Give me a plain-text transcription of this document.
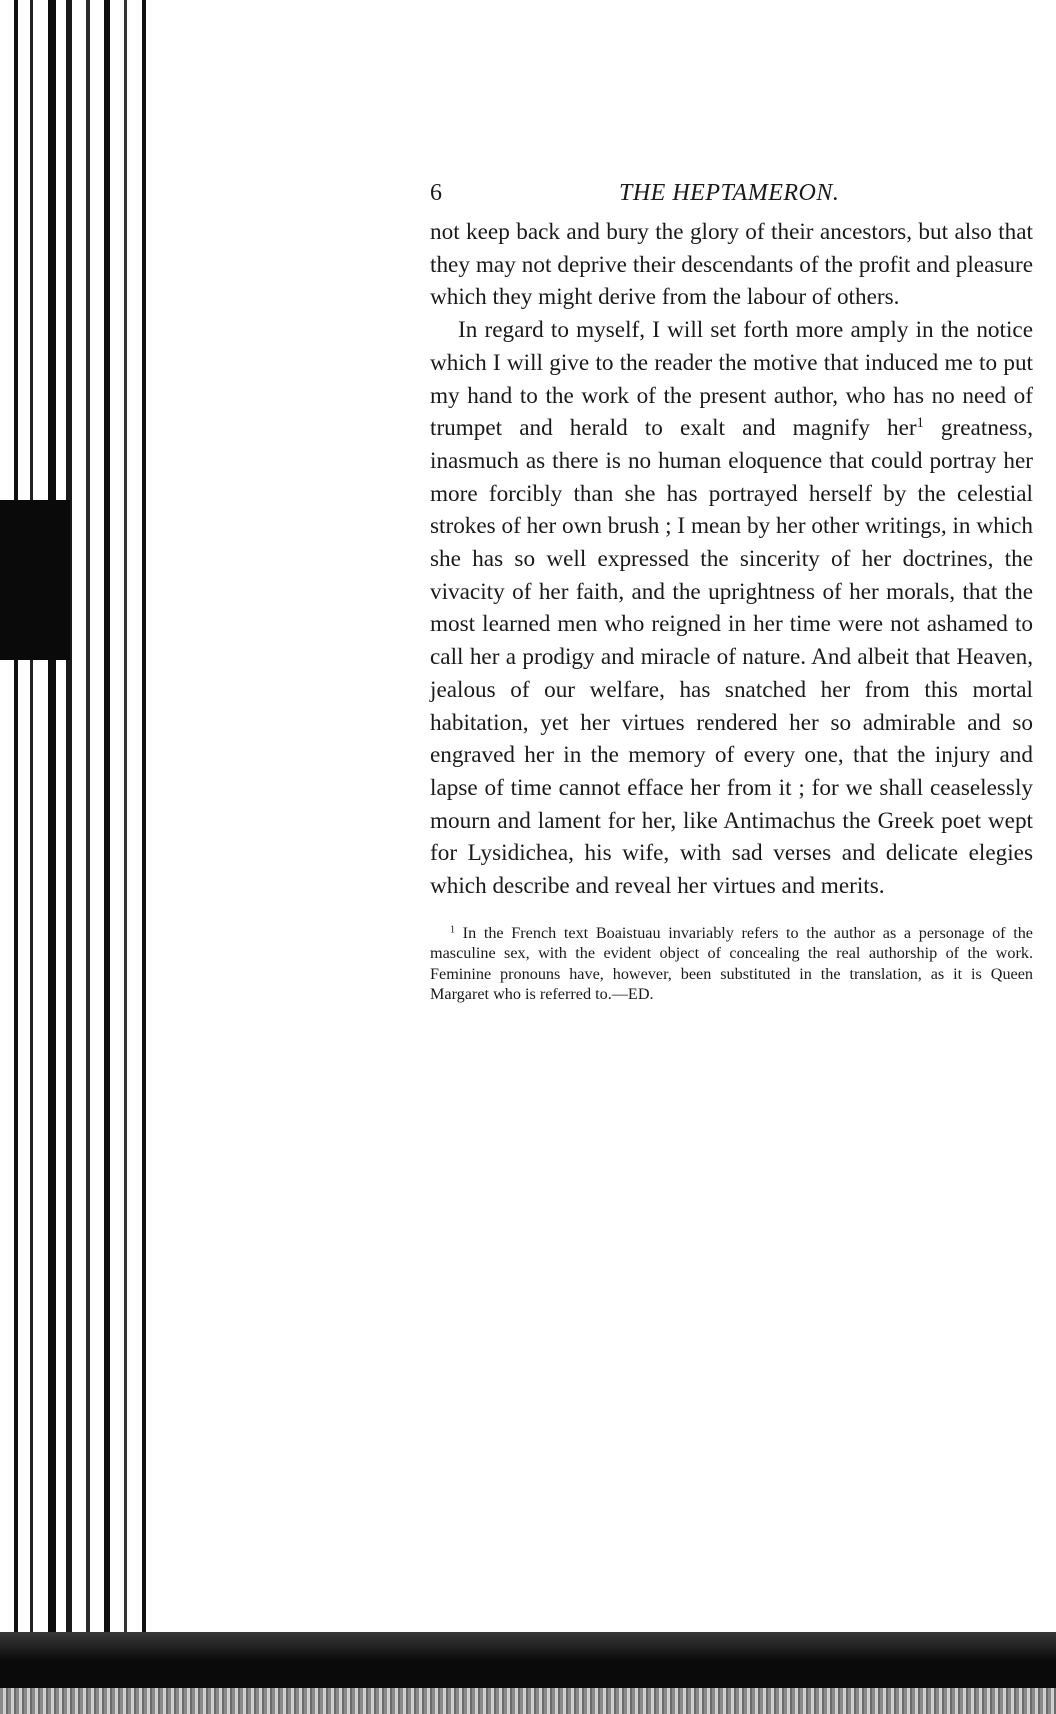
6	THE HEPTAMERON.

not keep back and bury the glory of their ancestors, but also that they may not deprive their descendants of the profit and pleasure which they might derive from the labour of others.

In regard to myself, I will set forth more amply in the notice which I will give to the reader the motive that induced me to put my hand to the work of the present author, who has no need of trumpet and herald to exalt and magnify her$^1$ greatness, inasmuch as there is no human eloquence that could portray her more forcibly than she has portrayed herself by the celestial strokes of her own brush ; I mean by her other writings, in which she has so well expressed the sincerity of her doctrines, the vivacity of her faith, and the uprightness of her morals, that the most learned men who reigned in her time were not ashamed to call her a prodigy and miracle of nature. And albeit that Heaven, jealous of our welfare, has snatched her from this mortal habitation, yet her virtues rendered her so admirable and so engraved her in the memory of every one, that the injury and lapse of time cannot efface her from it ; for we shall ceaselessly mourn and lament for her, like Antimachus the Greek poet wept for Lysidichea, his wife, with sad verses and delicate elegies which describe and reveal her virtues and merits.

$^1$ In the French text Boaistuau invariably refers to the author as a personage of the masculine sex, with the evident object of concealing the real authorship of the work. Feminine pronouns have, however, been substituted in the translation, as it is Queen Margaret who is referred to.—ED.
